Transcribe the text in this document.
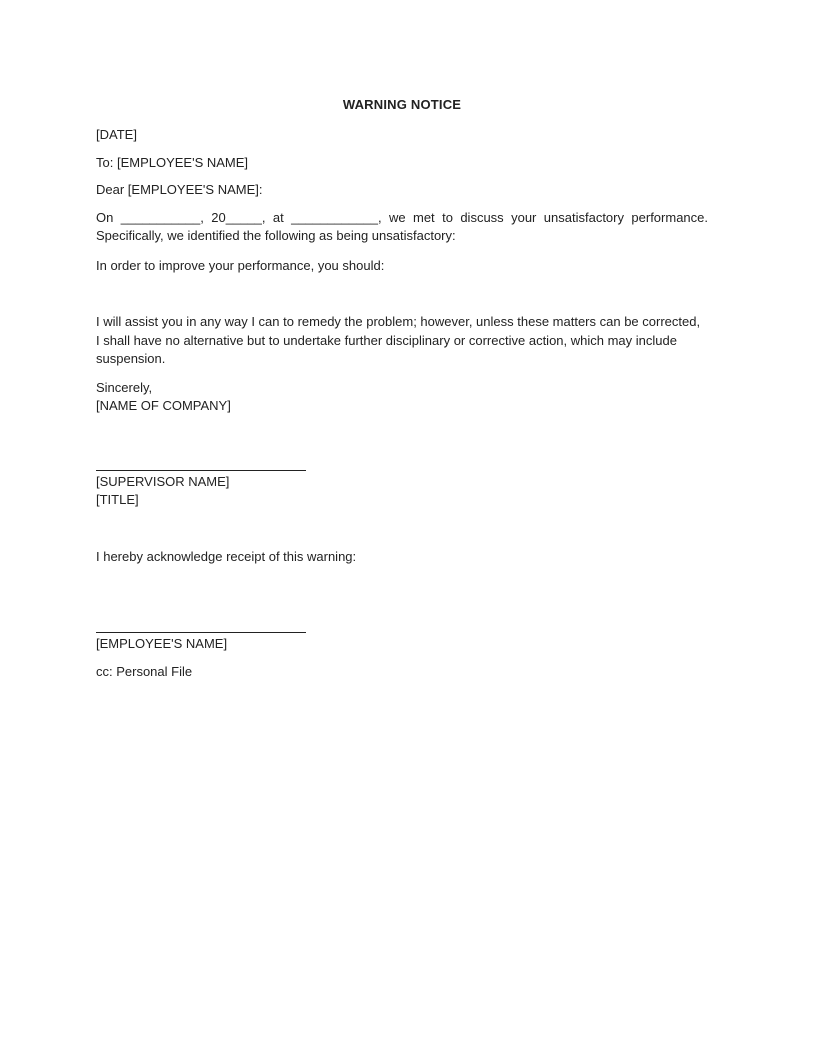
WARNING NOTICE

[DATE]

To: [EMPLOYEE'S NAME]

Dear [EMPLOYEE'S NAME]:

On ___________, 20_____, at ____________, we met to discuss your unsatisfactory performance.

Specifically, we identified the following as being unsatisfactory:

In order to improve your performance, you should:

I will assist you in any way I can to remedy the problem; however, unless these matters can be corrected,

I shall have no alternative but to undertake further disciplinary or corrective action, which may include

suspension.

Sincerely,

[NAME OF COMPANY]

[SUPERVISOR NAME]

[TITLE]

I hereby acknowledge receipt of this warning:

[EMPLOYEE'S NAME]

cc: Personal File
